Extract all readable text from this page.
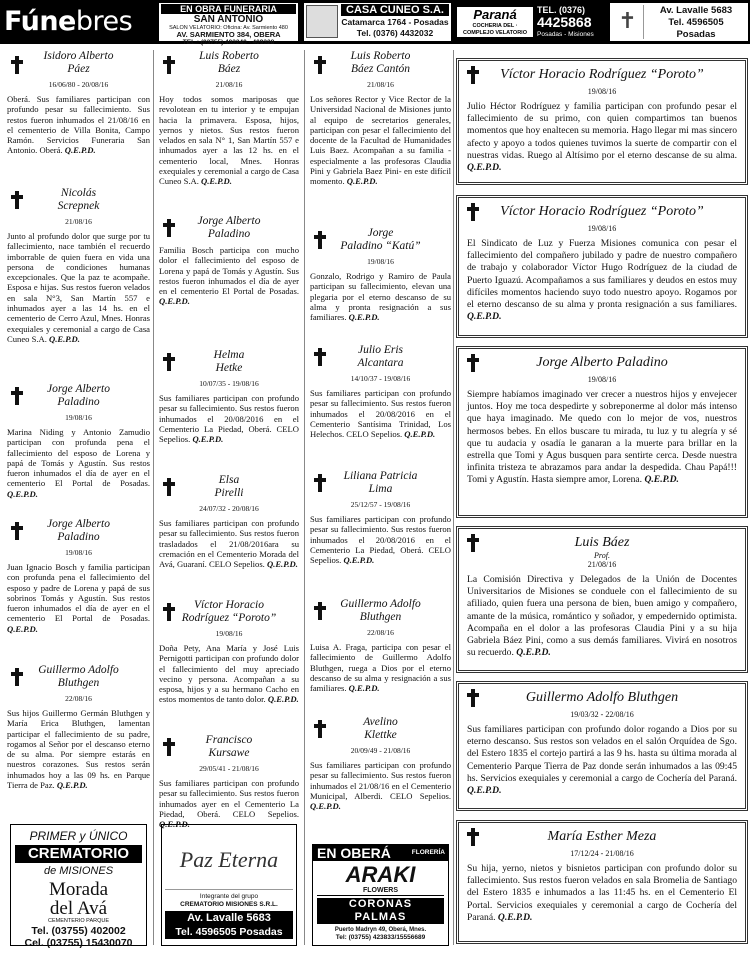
Fúnebres	EN OBRA FUNERARIA
SAN ANTONIO
SALON VELATORIO: Oficina: Av. Sarmiento 480
AV. SARMIENTO 384, OBERA
TEL.: (03755) 403240 - 409328
CASA CUNEO S.A.
Catamarca 1764 - Posadas
Tel. (0376) 4432032
Paraná
COCHERIA DEL · COMPLEJO VELATORIO
TEL. (0376)
4425868
Posadas - Misiones
✝	Av. Lavalle 5683
Tel. 4596505
Posadas
Isidoro Alberto
Páez
16/06/80 - 20/08/16
Oberá. Sus familiares participan con profundo pesar su fallecimiento. Sus restos fueron inhumados el 21/08/16 en el cementerio de Villa Bonita, Campo Ramón. Servicios Funeraria San Antonio. Oberá. Q.E.P.D.
Nicolás
Screpnek
21/08/16
Junto al profundo dolor que surge por tu fallecimiento, nace también el recuerdo imborrable de quien fuera en vida una persona de condiciones humanas excepcionales. Que la paz te acompañe. Esposa e hijas. Sus restos fueron velados en sala N°3, San Martín 557 e inhumados ayer a las 14 hs. en el cementerio de Cerro Azul, Mnes. Honras exequiales y ceremonial a cargo de Casa Cuneo S.A. Q.E.P.D.
Jorge Alberto
Paladino
19/08/16
Marina Niding y Antonio Zamudio participan con profunda pena el fallecimiento del esposo de Lorena y papá de Tomás y Agustín. Sus restos fueron inhumados el día de ayer en el cementerio El Portal de Posadas. Q.E.P.D.
Jorge Alberto
Paladino
19/08/16
Juan Ignacio Bosch y familia participan con profunda pena el fallecimiento del esposo y padre de Lorena y papá de sus sobrinos Tomás y Agustín. Sus restos fueron inhumados el día de ayer en el cementerio El Portal de Posadas. Q.E.P.D.
Guillermo Adolfo
Bluthgen
22/08/16
Sus hijos Guillermo Germán Bluthgen y María Erica Bluthgen, lamentan participar el fallecimiento de su padre, rogamos al Señor por el descanso eterno de su alma. Por siempre estarás en nuestros corazones. Sus restos serán inhumados hoy a las 09 hs. en Parque Tierra de Paz. Q.E.P.D.
Luis Roberto
Báez
21/08/16
Hoy todos somos mariposas que revolotean en tu interior y te empujan hacia la primavera. Esposa, hijos, yernos y nietos. Sus restos fueron velados en sala N° 1, San Martín 557 e inhumados ayer a las 12 hs. en el cementerio local, Mnes. Honras exequiales y ceremonial a cargo de Casa Cuneo S.A. Q.E.P.D.
Jorge Alberto
Paladino
Familia Bosch participa con mucho dolor el fallecimiento del esposo de Lorena y papá de Tomás y Agustín. Sus restos fueron inhumados el día de ayer en el cementerio El Portal de Posadas. Q.E.P.D.
Helma
Hetke
10/07/35 - 19/08/16
Sus familiares participan con profundo pesar su fallecimiento. Sus restos fueron inhumados el 20/08/2016 en el Cementerio La Piedad, Oberá. CELO Sepelios. Q.E.P.D.
Elsa
Pirelli
24/07/32 - 20/08/16
Sus familiares participan con profundo pesar su fallecimiento. Sus restos fueron trasladados el 21/08/2016ara su cremación en el Cementerio Morada del Avá, Guaraní. CELO Sepelios. Q.E.P.D.
Víctor Horacio
Rodríguez “Poroto”
19/08/16
Doña Pety, Ana María y José Luis Pernigotti participan con profundo dolor el fallecimiento del muy apreciado vecino y persona. Acompañan a su esposa, hijos y a su hermano Cacho en estos momentos de tanto dolor. Q.E.P.D.
Francisco
Kursawe
29/05/41 - 21/08/16
Sus familiares participan con profundo pesar su fallecimiento. Sus restos fueron inhumados ayer en el Cementerio La Piedad, Oberá. CELO Sepelios. Q.E.P.D.
Luis Roberto
Báez Cantón
21/08/16
Los señores Rector y Vice Rector de la Universidad Nacional de Misiones junto al equipo de secretarios generales, participan con pesar el fallecimiento del docente de la Facultad de Humanidades Luis Baez. Acompañan a su familia - especialmente a las profesoras Claudia Pini y Gabriela Baez Pini- en este difícil momento. Q.E.P.D.
Jorge
Paladino “Katú”
19/08/16
Gonzalo, Rodrigo y Ramiro de Paula participan su fallecimiento, elevan una plegaria por el eterno descanso de su alma y pronta resignación a sus familiares. Q.E.P.D.
Julio Eris
Alcantara
14/10/37 - 19/08/16
Sus familiares participan con profundo pesar su fallecimiento. Sus restos fueron inhumados el 20/08/2016 en el Cementerio Santísima Trinidad, Los Helechos. CELO Sepelios. Q.E.P.D.
Liliana Patricia
Lima
25/12/57 - 19/08/16
Sus familiares participan con profundo pesar su fallecimiento. Sus restos fueron inhumados el 20/08/2016 en el Cementerio La Piedad, Oberá. CELO Sepelios. Q.E.P.D.
Guillermo Adolfo
Bluthgen
22/08/16
Luisa A. Fraga, participa con pesar el fallecimiento de Guillermo Adolfo Bluthgen, ruega a Dios por el eterno descanso de su alma y resignación a sus familiares. Q.E.P.D.
Avelino
Klettke
20/09/49 - 21/08/16
Sus familiares participan con profundo pesar su fallecimiento. Sus restos fueron inhumados el 21/08/16 en el Cementerio Municipal, Alberdi. CELO Sepelios. Q.E.P.D.
Víctor Horacio Rodríguez “Poroto”
19/08/16
Julio Héctor Rodríguez y familia participan con profundo pesar el fallecimiento de su primo, con quien compartimos tan buenos momentos que hoy enaltecen su memoria. Hago llegar mi mas sincero afecto y apoyo a todos quienes tuvimos la suerte de compartir con el nuestras vidas. Ruego al Altísimo por el eterno descanse de su alma. Q.E.P.D.
Víctor Horacio Rodríguez “Poroto”
19/08/16
El Sindicato de Luz y Fuerza Misiones comunica con pesar el fallecimiento del compañero jubilado y padre de nuestro compañero de trabajo y colaborador Víctor Hugo Rodríguez de la ciudad de Puerto Iguazú. Acompañamos a sus familiares y deudos en estos muy difíciles momentos haciendo suyo todo nuestro apoyo. Rogamos por el eterno descanso de su alma y pronta resignación a sus familiares. Q.E.P.D.
Jorge Alberto Paladino
19/08/16
Siempre habíamos imaginado ver crecer a nuestros hijos y envejecer juntos. Hoy me toca despedirte y sobreponerme al dolor más intenso que haya imaginado. Me quedo con lo mejor de vos, nuestros hermosos bebes. En ellos buscare tu mirada, tu luz y tu alegría y sé que tu audacia y osadía le ganaran a la muerte para brillar en la estrella que Tomi y Agus busquen para sentirte cerca. Desde nuestra infinita tristeza te abrazamos para andar la despedida. Chau Papá!!! Tomi y Agustín. Hasta siempre amor, Lorena. Q.E.P.D.
Luis Báez
Prof.
21/08/16
La Comisión Directiva y Delegados de la Unión de Docentes Universitarios de Misiones se conduele con el fallecimiento de su afiliado, quien fuera una persona de bien, buen amigo y compañero, amante de la música, romántico y soñador, y empedernido optimista. Acompaña en el dolor a las profesoras Claudia Pini y a su hija Gabriela Báez Pini, como a sus demás familiares. Vivirá en nosotros su recuerdo. Q.E.P.D.
Guillermo Adolfo Bluthgen
19/03/32 - 22/08/16
Sus familiares participan con profundo dolor rogando a Dios por su eterno descanso. Sus restos son velados en el salón Orquídea de Sgo. del Estero 1835 el cortejo partirá a las 9 hs. hasta su última morada al Cementerio Parque Tierra de Paz donde serán inhumados a las 09:45 hs. Servicios exequiales y ceremonial a cargo de Cochería del Paraná. Q.E.P.D.
María Esther Meza
17/12/24 - 21/08/16
Su hija, yerno, nietos y bisnietos participan con profundo dolor su fallecimiento. Sus restos fueron velados en sala Bromelia de Santiago del Estero 1835 e inhumados a las 11:45 hs. en el Cementerio El Portal. Servicios exequiales y ceremonial a cargo de Cochería del Paraná. Q.E.P.D.
PRIMER y ÚNICO
CREMATORIO
de MISIONES
Morada
del Avá
CEMENTERIO PARQUE
Tel. (03755) 402002
Cel. (03755) 15430070
Paz Eterna
Integrante del grupo
CREMATORIO MISIONES S.R.L.
Av. Lavalle 5683
Tel. 4596505 Posadas
EN OBERÁ	FLORERÍA
ARAKI
FLOWERS
CORONAS
PALMAS
Puerto Madryn 49, Oberá, Mnes.
Tel: (03755) 423833/15556689
